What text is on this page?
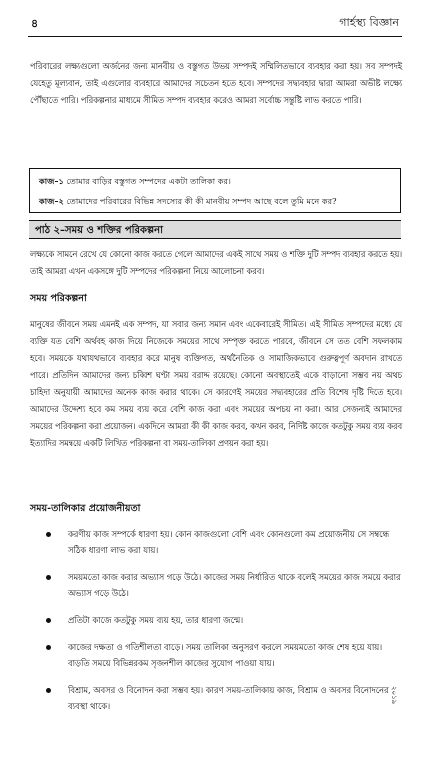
৪	গার্হস্থ্য বিজ্ঞান

পরিবারের লক্ষ্যগুলো অর্জনের জন্য মানবীয় ও বস্তুগত উভয় সম্পদই সম্মিলিতভাবে ব্যবহার করা হয়। সব সম্পদই যেহেতু মূল্যবান, তাই এগুলোর ব্যবহারে আমাদের সচেতন হতে হবে। সম্পদের সদ্ব্যবহার দ্বারা আমরা অভীষ্ট লক্ষ্যে পৌঁছাতে পারি। পরিকল্পনার মাধ্যমে সীমিত সম্পদ ব্যবহার করেও আমরা সর্বোচ্চ সন্তুষ্টি লাভ করতে পারি।

কাজ–১ তোমার বাড়ির বস্তুগত সম্পদের একটা তালিকা কর।
কাজ–২ তোমাদের পরিবারের বিভিন্ন সদস্যের কী কী মানবীয় সম্পদ আছে বলে তুমি মনে কর?
পাঠ ২–সময় ও শক্তির পরিকল্পনা

লক্ষ্যকে সামনে রেখে যে কোনো কাজ করতে গেলে আমাদের একই সাথে সময় ও শক্তি দুটি সম্পদ ব্যবহার করতে হয়। তাই আমরা এখন একসঙ্গে দুটি সম্পদের পরিকল্পনা নিয়ে আলোচনা করব।

সময় পরিকল্পনা

মানুষের জীবনে সময় এমনই এক সম্পদ, যা সবার জন্য সমান এবং একেবারেই সীমিত। এই সীমিত সম্পদের মধ্যে যে ব্যক্তি যত বেশি অর্থবহ কাজ দিয়ে নিজেকে সময়ের সাথে সম্পৃক্ত করতে পারবে, জীবনে সে তত বেশি সফলকাম হবে। সময়কে যথাযথভাবে ব্যবহার করে মানুষ ব্যক্তিগত, অর্থনৈতিক ও সামাজিকভাবে গুরুত্বপূর্ণ অবদান রাখতে পারে। প্রতিদিন আমাদের জন্য চব্বিশ ঘণ্টা সময় বরাদ্দ রয়েছে। কোনো অবস্থাতেই একে বাড়ানো সম্ভব নয় অথচ চাহিদা অনুযায়ী আমাদের অনেক কাজ করার থাকে। সে কারণেই সময়ের সদ্ব্যবহারের প্রতি বিশেষ দৃষ্টি দিতে হবে। আমাদের উদ্দেশ্য হবে কম সময় ব্যয় করে বেশি কাজ করা এবং সময়ের অপচয় না করা। আর সেজন্যই আমাদের সময়ের পরিকল্পনা করা প্রয়োজন। একদিনে আমরা কী কী কাজ করব, কখন করব, নির্দিষ্ট কাজে কতটুকু সময় ব্যয় করব ইত্যাদির সমন্বয়ে একটি লিখিত পরিকল্পনা বা সময়-তালিকা প্রণয়ন করা হয়।

সময়-তালিকার প্রয়োজনীয়তা
করণীয় কাজ সম্পর্কে ধারণা হয়। কোন কাজগুলো বেশি এবং কোনগুলো কম প্রয়োজনীয় সে সম্বন্ধে সঠিক ধারণা লাভ করা যায়।
সময়মতো কাজ করার অভ্যাস গড়ে উঠে। কাজের সময় নির্ধারিত থাকে বলেই সময়ের কাজ সময়ে করার অভ্যাস গড়ে উঠে।
প্রতিটা কাজে কতটুকু সময় ব্যয় হয়, তার ধারণা জন্মে।
কাজের দক্ষতা ও গতিশীলতা বাড়ে। সময় তালিকা অনুসরণ করলে সময়মতো কাজ শেষ হয়ে যায়। বাড়তি সময়ে বিভিন্নরকম সৃজনশীল কাজের সুযোগ পাওয়া যায়।
বিশ্রাম, অবসর ও বিনোদন করা সম্ভব হয়। কারণ সময়-তালিকায় কাজ, বিশ্রাম ও অবসর বিনোদনের ব্যবস্থা থাকে।
২০১৯
